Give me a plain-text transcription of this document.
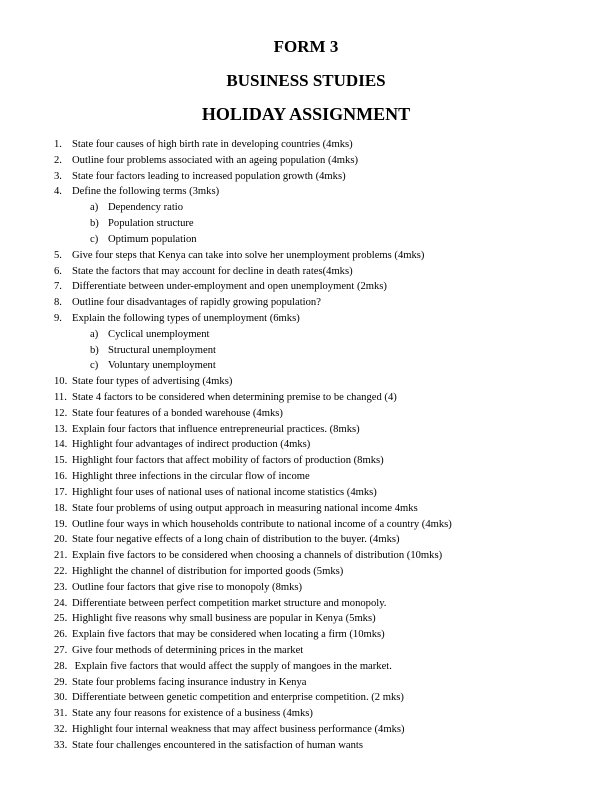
FORM 3
BUSINESS STUDIES
HOLIDAY ASSIGNMENT
1. State four causes of high birth rate in developing countries (4mks)
2. Outline four problems associated with an ageing population (4mks)
3. State four factors leading to increased population growth (4mks)
4. Define the following terms (3mks)
a) Dependency ratio
b) Population structure
c) Optimum population
5. Give four steps that Kenya can take into solve her unemployment problems (4mks)
6. State the factors that may account for decline in death rates(4mks)
7. Differentiate between under-employment and open unemployment (2mks)
8. Outline four disadvantages of rapidly growing population?
9. Explain the following types of unemployment (6mks)
a) Cyclical unemployment
b) Structural unemployment
c) Voluntary unemployment
10. State four types of advertising (4mks)
11. State 4 factors to be considered when determining premise to be changed (4)
12. State four features of a bonded warehouse (4mks)
13. Explain four factors that influence entrepreneurial practices. (8mks)
14. Highlight four advantages of indirect production (4mks)
15. Highlight four factors that affect mobility of factors of production (8mks)
16. Highlight three infections in the circular flow of income
17. Highlight four uses of national uses of national income statistics (4mks)
18. State four problems of using output approach in measuring national income 4mks
19. Outline four ways in which households contribute to national income of a country (4mks)
20. State four negative effects of a long chain of distribution to the buyer. (4mks)
21. Explain five factors to be considered when choosing a channels of distribution (10mks)
22. Highlight the channel of distribution for imported goods (5mks)
23. Outline four factors that give rise to monopoly (8mks)
24. Differentiate between perfect competition market structure and monopoly.
25. Highlight five reasons why small business are popular in Kenya (5mks)
26. Explain five factors that may be considered when locating a firm (10mks)
27. Give four methods of determining prices in the market
28. Explain five factors that would affect the supply of mangoes in the market.
29. State four problems facing insurance industry in Kenya
30. Differentiate between genetic competition and enterprise competition. (2 mks)
31. State any four reasons for existence of a business (4mks)
32. Highlight four internal weakness that may affect business performance (4mks)
33. State four challenges encountered in the satisfaction of human wants
